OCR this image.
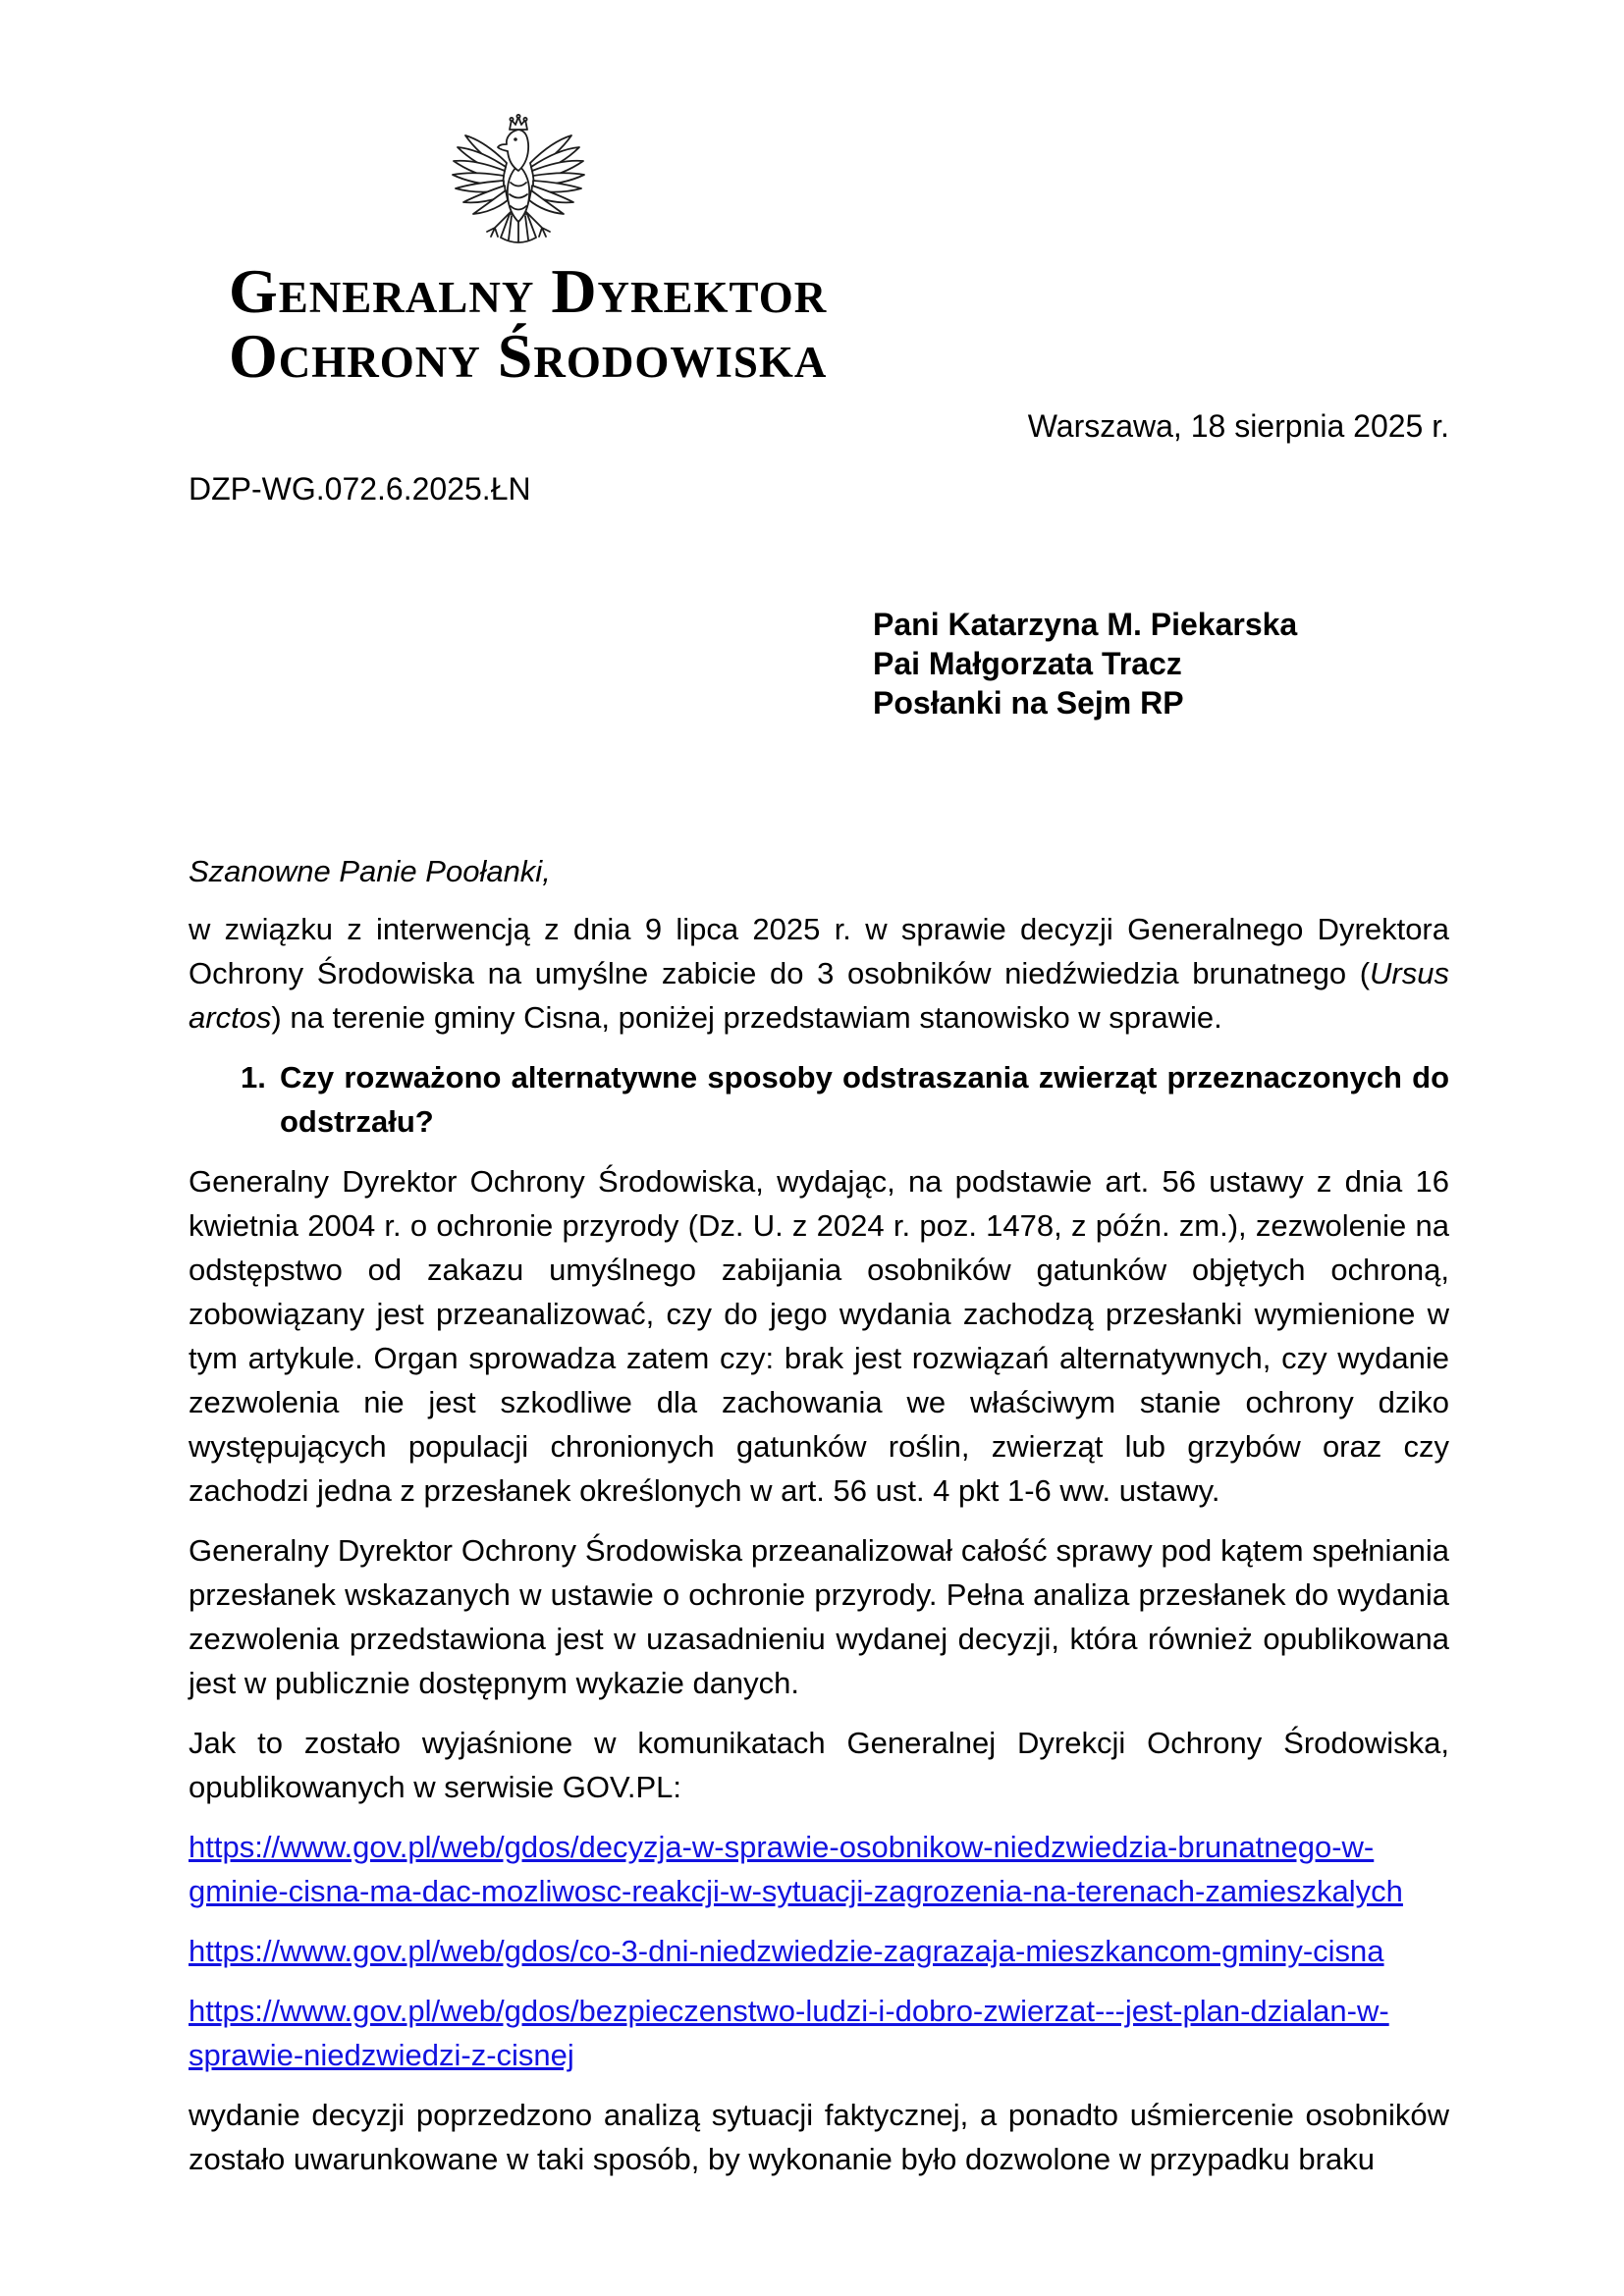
Generalny Dyrektor
Ochrony Środowiska
Warszawa, 18 sierpnia 2025 r.
DZP-WG.072.6.2025.ŁN
Pani Katarzyna M. Piekarska
Pai Małgorzata Tracz
Posłanki na Sejm RP
Szanowne Panie Poołanki,

w związku z interwencją z dnia 9 lipca 2025 r. w sprawie decyzji Generalnego Dyrektora Ochrony Środowiska na umyślne zabicie do 3 osobników niedźwiedzia brunatnego (Ursus arctos) na terenie gminy Cisna, poniżej przedstawiam stanowisko w sprawie.

1. Czy rozważono alternatywne sposoby odstraszania zwierząt przeznaczonych do odstrzału?

Generalny Dyrektor Ochrony Środowiska, wydając, na podstawie art. 56 ustawy z dnia 16 kwietnia 2004 r. o ochronie przyrody (Dz. U. z 2024 r. poz. 1478, z późn. zm.), zezwolenie na odstępstwo od zakazu umyślnego zabijania osobników gatunków objętych ochroną, zobowiązany jest przeanalizować, czy do jego wydania zachodzą przesłanki wymienione w tym artykule. Organ sprowadza zatem czy: brak jest rozwiązań alternatywnych, czy wydanie zezwolenia nie jest szkodliwe dla zachowania we właściwym stanie ochrony dziko występujących populacji chronionych gatunków roślin, zwierząt lub grzybów oraz czy zachodzi jedna z przesłanek określonych w art. 56 ust. 4 pkt 1-6 ww. ustawy.

Generalny Dyrektor Ochrony Środowiska przeanalizował całość sprawy pod kątem spełniania przesłanek wskazanych w ustawie o ochronie przyrody. Pełna analiza przesłanek do wydania zezwolenia przedstawiona jest w uzasadnieniu wydanej decyzji, która również opublikowana jest w publicznie dostępnym wykazie danych.

Jak to zostało wyjaśnione w komunikatach Generalnej Dyrekcji Ochrony Środowiska, opublikowanych w serwisie GOV.PL:

https://www.gov.pl/web/gdos/decyzja-w-sprawie-osobnikow-niedzwiedzia-brunatnego-w-gminie-cisna-ma-dac-mozliwosc-reakcji-w-sytuacji-zagrozenia-na-terenach-zamieszkalych

https://www.gov.pl/web/gdos/co-3-dni-niedzwiedzie-zagrazaja-mieszkancom-gminy-cisna

https://www.gov.pl/web/gdos/bezpieczenstwo-ludzi-i-dobro-zwierzat---jest-plan-dzialan-w-sprawie-niedzwiedzi-z-cisnej

wydanie decyzji poprzedzono analizą sytuacji faktycznej, a ponadto uśmiercenie osobników zostało uwarunkowane w taki sposób, by wykonanie było dozwolone w przypadku braku
